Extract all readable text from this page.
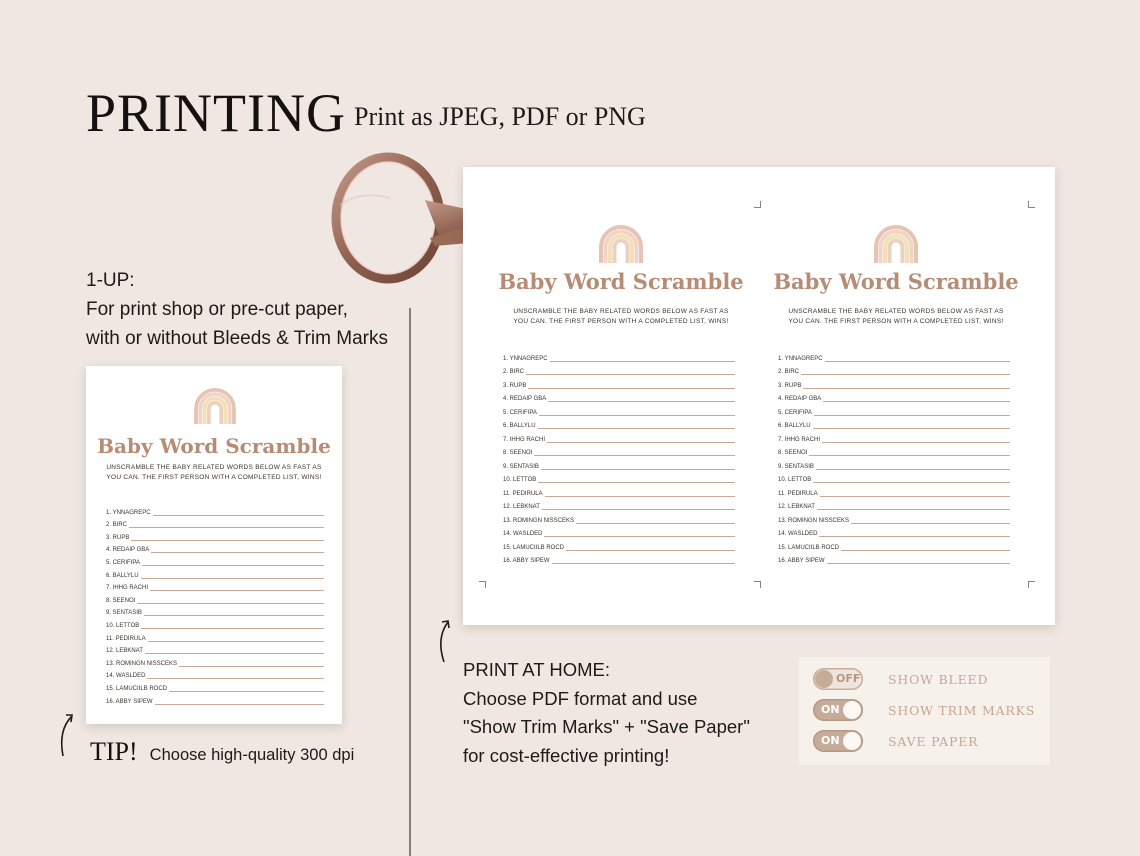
PRINTING Print as JPEG, PDF or PNG
1-UP:
For print shop or pre-cut paper,
with or without Bleeds & Trim Marks
Baby Word Scramble
UNSCRAMBLE THE BABY RELATED WORDS BELOW AS FAST AS
YOU CAN. THE FIRST PERSON WITH A COMPLETED LIST, WINS!
1. YNNAGREPC
2. BIRC
3. RUPB
4. REDAIP GBA
5. CERIFIPA
6. BALLYLU
7. IHHG RACHI
8. SEENOI
9. SENTASIB
10. LETTOB
11. PEDIRULA
12. LEBKNAT
13. ROMINGN NISSCEKS
14. WASLDED
15. LAMUCIILB ROCD
16. ABBY SIPEW
Baby Word Scramble
UNSCRAMBLE THE BABY RELATED WORDS BELOW AS FAST AS
YOU CAN. THE FIRST PERSON WITH A COMPLETED LIST, WINS!
1. YNNAGREPC
2. BIRC
3. RUPB
4. REDAIP GBA
5. CERIFIPA
6. BALLYLU
7. IHHG RACHI
8. SEENOI
9. SENTASIB
10. LETTOB
11. PEDIRULA
12. LEBKNAT
13. ROMINGN NISSCEKS
14. WASLDED
15. LAMUCIILB ROCD
16. ABBY SIPEW
Baby Word Scramble
UNSCRAMBLE THE BABY RELATED WORDS BELOW AS FAST AS
YOU CAN. THE FIRST PERSON WITH A COMPLETED LIST, WINS!
1. YNNAGREPC
2. BIRC
3. RUPB
4. REDAIP GBA
5. CERIFIPA
6. BALLYLU
7. IHHG RACHI
8. SEENOI
9. SENTASIB
10. LETTOB
11. PEDIRULA
12. LEBKNAT
13. ROMINGN NISSCEKS
14. WASLDED
15. LAMUCIILB ROCD
16. ABBY SIPEW
TIP! Choose high-quality 300 dpi
PRINT AT HOME:
Choose PDF format and use
"Show Trim Marks" + "Save Paper"
for cost-effective printing!
OFF SHOW BLEED
ON	SHOW TRIM MARKS
ON	SAVE PAPER
